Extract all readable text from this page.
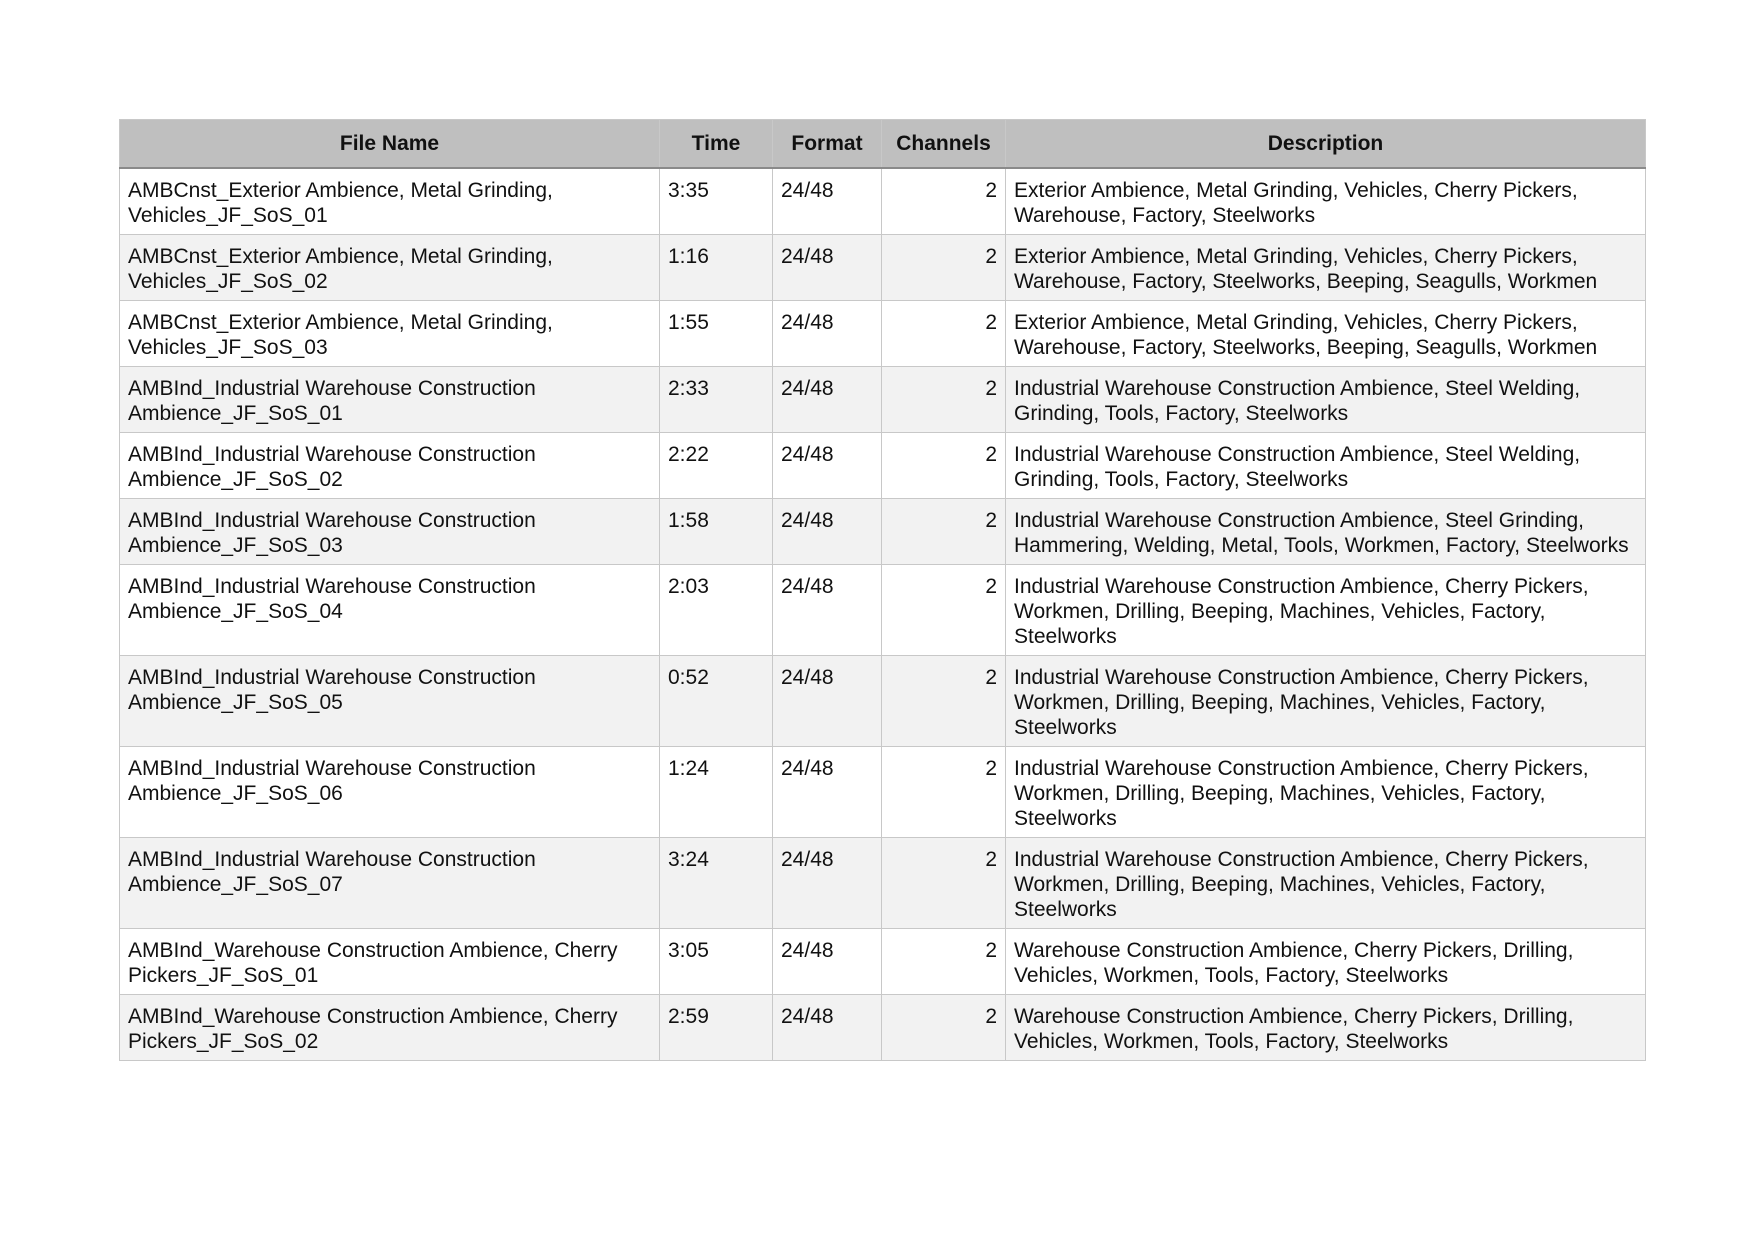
File Name	Time	Format	Channels	Description
AMBCnst_Exterior Ambience, Metal Grinding, Vehicles_JF_SoS_01	3:35	24/48	2	Exterior Ambience, Metal Grinding, Vehicles, Cherry Pickers, Warehouse, Factory, Steelworks
AMBCnst_Exterior Ambience, Metal Grinding, Vehicles_JF_SoS_02	1:16	24/48	2	Exterior Ambience, Metal Grinding, Vehicles, Cherry Pickers, Warehouse, Factory, Steelworks, Beeping, Seagulls, Workmen
AMBCnst_Exterior Ambience, Metal Grinding, Vehicles_JF_SoS_03	1:55	24/48	2	Exterior Ambience, Metal Grinding, Vehicles, Cherry Pickers, Warehouse, Factory, Steelworks, Beeping, Seagulls, Workmen
AMBInd_Industrial Warehouse Construction Ambience_JF_SoS_01	2:33	24/48	2	Industrial Warehouse Construction Ambience, Steel Welding, Grinding, Tools, Factory, Steelworks
AMBInd_Industrial Warehouse Construction Ambience_JF_SoS_02	2:22	24/48	2	Industrial Warehouse Construction Ambience, Steel Welding, Grinding, Tools, Factory, Steelworks
AMBInd_Industrial Warehouse Construction Ambience_JF_SoS_03	1:58	24/48	2	Industrial Warehouse Construction Ambience, Steel Grinding, Hammering, Welding, Metal, Tools, Workmen, Factory, Steelworks
AMBInd_Industrial Warehouse Construction Ambience_JF_SoS_04	2:03	24/48	2	Industrial Warehouse Construction Ambience, Cherry Pickers, Workmen, Drilling, Beeping, Machines, Vehicles, Factory, Steelworks
AMBInd_Industrial Warehouse Construction Ambience_JF_SoS_05	0:52	24/48	2	Industrial Warehouse Construction Ambience, Cherry Pickers, Workmen, Drilling, Beeping, Machines, Vehicles, Factory, Steelworks
AMBInd_Industrial Warehouse Construction Ambience_JF_SoS_06	1:24	24/48	2	Industrial Warehouse Construction Ambience, Cherry Pickers, Workmen, Drilling, Beeping, Machines, Vehicles, Factory, Steelworks
AMBInd_Industrial Warehouse Construction Ambience_JF_SoS_07	3:24	24/48	2	Industrial Warehouse Construction Ambience, Cherry Pickers, Workmen, Drilling, Beeping, Machines, Vehicles, Factory, Steelworks
AMBInd_Warehouse Construction Ambience, Cherry Pickers_JF_SoS_01	3:05	24/48	2	Warehouse Construction Ambience, Cherry Pickers, Drilling, Vehicles, Workmen, Tools, Factory, Steelworks
AMBInd_Warehouse Construction Ambience, Cherry Pickers_JF_SoS_02	2:59	24/48	2	Warehouse Construction Ambience, Cherry Pickers, Drilling, Vehicles, Workmen, Tools, Factory, Steelworks
